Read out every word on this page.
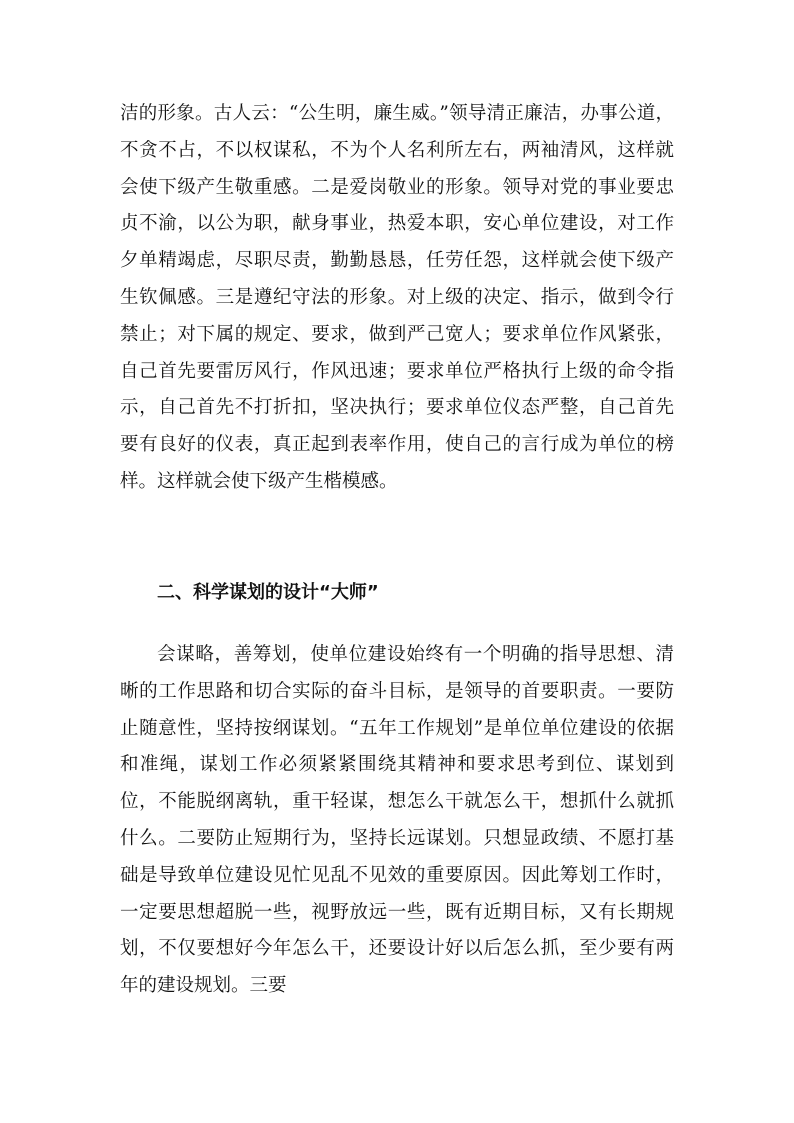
洁的形象。古人云：“公生明，廉生威。”领导清正廉洁，办事公道，不贪不占，不以权谋私，不为个人名利所左右，两袖清风，这样就会使下级产生敬重感。二是爱岗敬业的形象。领导对党的事业要忠贞不渝，以公为职，献身事业，热爱本职，安心单位建设，对工作夕单精竭虑，尽职尽责，勤勤恳恳，任劳任怨，这样就会使下级产生钦佩感。三是遵纪守法的形象。对上级的决定、指示，做到令行禁止；对下属的规定、要求，做到严己宽人；要求单位作风紧张，自己首先要雷厉风行，作风迅速；要求单位严格执行上级的命令指示，自己首先不打折扣，坚决执行；要求单位仪态严整，自己首先要有良好的仪表，真正起到表率作用，使自己的言行成为单位的榜样。这样就会使下级产生楷模感。

二、科学谋划的设计“大师”

会谋略，善筹划，使单位建设始终有一个明确的指导思想、清晰的工作思路和切合实际的奋斗目标，是领导的首要职责。一要防止随意性，坚持按纲谋划。“五年工作规划”是单位单位建设的依据和准绳，谋划工作必须紧紧围绕其精神和要求思考到位、谋划到位，不能脱纲离轨，重干轻谋，想怎么干就怎么干，想抓什么就抓什么。二要防止短期行为，坚持长远谋划。只想显政绩、不愿打基础是导致单位建设见忙见乱不见效的重要原因。因此筹划工作时，一定要思想超脱一些，视野放远一些，既有近期目标，又有长期规划，不仅要想好今年怎么干，还要设计好以后怎么抓，至少要有两年的建设规划。三要
